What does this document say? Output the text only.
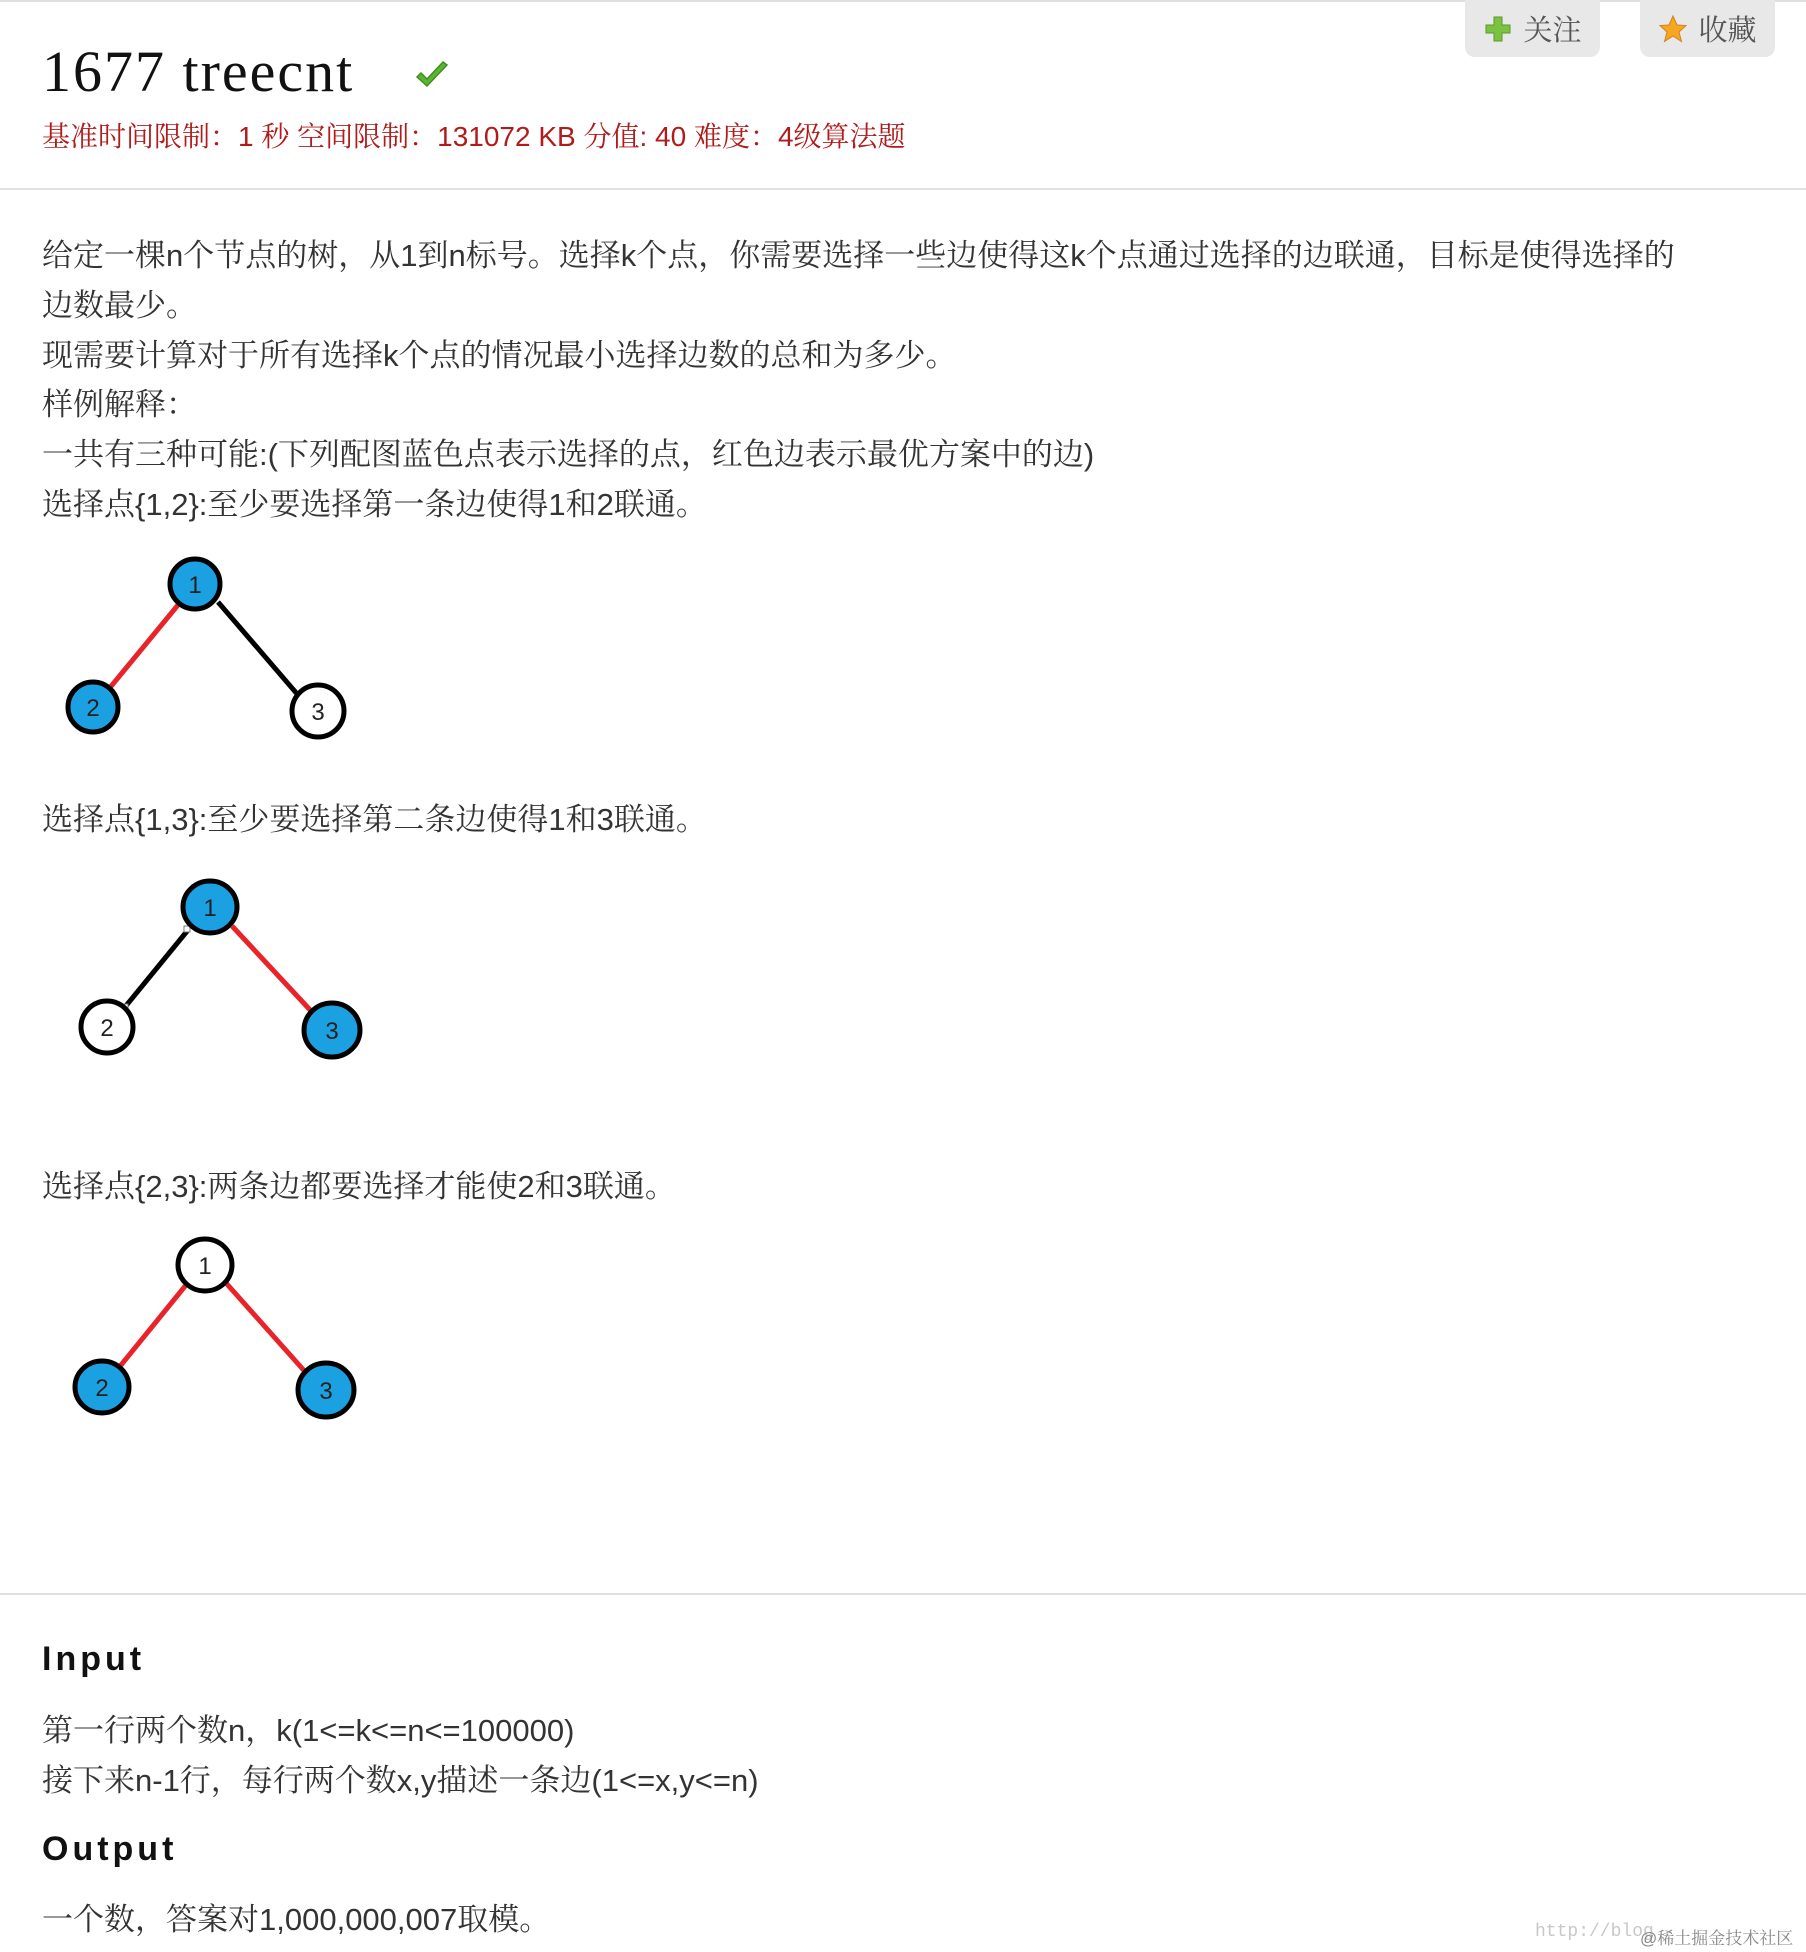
1677 treecnt
基准时间限制：1 秒 空间限制：131072 KB 分值: 40 难度：4级算法题
关注	收藏
给定一棵n个节点的树，从1到n标号。选择k个点，你需要选择一些边使得这k个点通过选择的边联通，目标是使得选择的
边数最少。
现需要计算对于所有选择k个点的情况最小选择边数的总和为多少。
样例解释：
一共有三种可能:(下列配图蓝色点表示选择的点，红色边表示最优方案中的边)
选择点{1,2}:至少要选择第一条边使得1和2联通。
1
2	3
选择点{1,3}:至少要选择第二条边使得1和3联通。
1
2	3
选择点{2,3}:两条边都要选择才能使2和3联通。
1
2	3
Input
第一行两个数n，k(1<=k<=n<=100000)
接下来n-1行，每行两个数x,y描述一条边(1<=x,y<=n)
Output
一个数，答案对1,000,000,007取模。	http://blog
@稀土掘金技术社区
